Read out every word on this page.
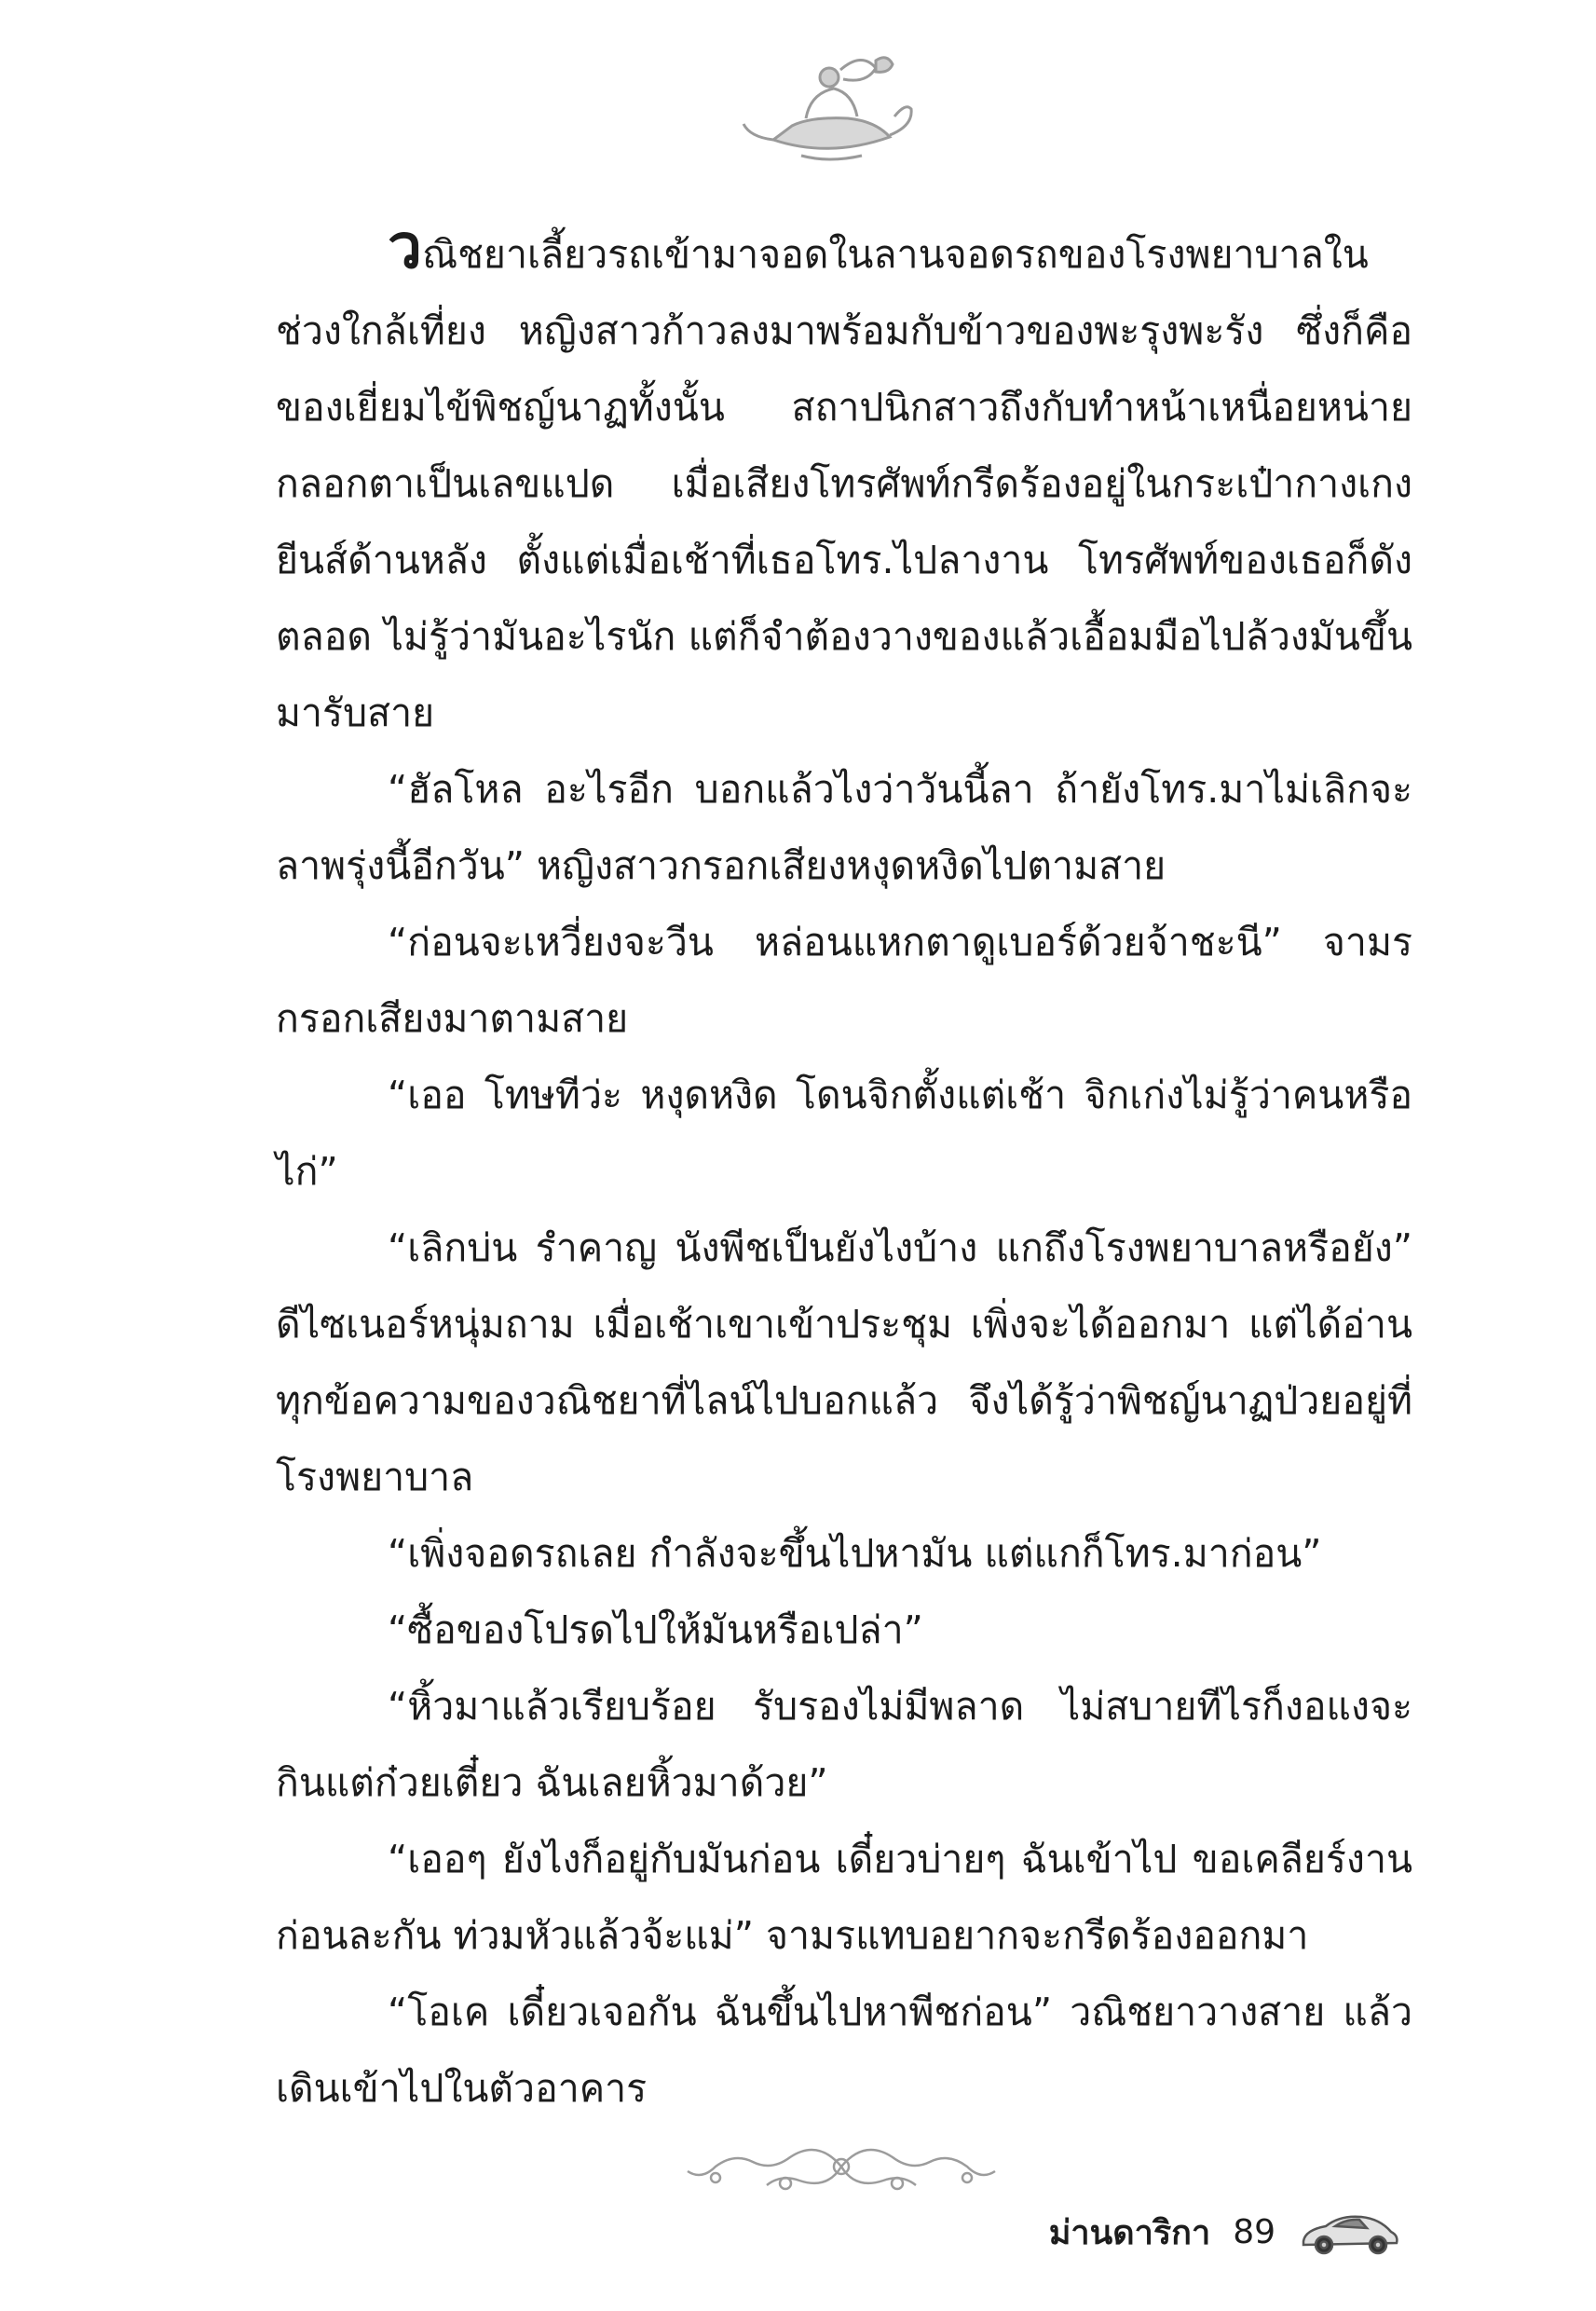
วณิชยาเลี้ยวรถเข้ามาจอดในลานจอดรถของโรงพยาบาลในช่วงใกล้เที่ยง หญิงสาวก้าวลงมาพร้อมกับข้าวของพะรุงพะรัง ซึ่งก็คือของเยี่ยมไข้พิชญ์นาฏทั้งนั้น สถาปนิกสาวถึงกับทำหน้าเหนื่อยหน่ายกลอกตาเป็นเลขแปด เมื่อเสียงโทรศัพท์กรีดร้องอยู่ในกระเป๋ากางเกงยีนส์ด้านหลัง ตั้งแต่เมื่อเช้าที่เธอโทร.ไปลางาน โทรศัพท์ของเธอก็ดังตลอด ไม่รู้ว่ามันอะไรนัก แต่ก็จำต้องวางของแล้วเอื้อมมือไปล้วงมันขึ้นมารับสาย

“ฮัลโหล อะไรอีก บอกแล้วไงว่าวันนี้ลา ถ้ายังโทร.มาไม่เลิกจะลาพรุ่งนี้อีกวัน” หญิงสาวกรอกเสียงหงุดหงิดไปตามสาย

“ก่อนจะเหวี่ยงจะวีน หล่อนแหกตาดูเบอร์ด้วยจ้าชะนี” จามรกรอกเสียงมาตามสาย

“เออ โทษทีว่ะ หงุดหงิด โดนจิกตั้งแต่เช้า จิกเก่งไม่รู้ว่าคนหรือไก่”

“เลิกบ่น รำคาญ นังพีชเป็นยังไงบ้าง แกถึงโรงพยาบาลหรือยัง” ดีไซเนอร์หนุ่มถาม เมื่อเช้าเขาเข้าประชุม เพิ่งจะได้ออกมา แต่ได้อ่านทุกข้อความของวณิชยาที่ไลน์ไปบอกแล้ว จึงได้รู้ว่าพิชญ์นาฏป่วยอยู่ที่โรงพยาบาล

“เพิ่งจอดรถเลย กำลังจะขึ้นไปหามัน แต่แกก็โทร.มาก่อน”

“ซื้อของโปรดไปให้มันหรือเปล่า”

“หิ้วมาแล้วเรียบร้อย รับรองไม่มีพลาด ไม่สบายทีไรก็งอแงจะกินแต่ก๋วยเตี๋ยว ฉันเลยหิ้วมาด้วย”

“เออๆ ยังไงก็อยู่กับมันก่อน เดี๋ยวบ่ายๆ ฉันเข้าไป ขอเคลียร์งานก่อนละกัน ท่วมหัวแล้วจ้ะแม่” จามรแทบอยากจะกรีดร้องออกมา

“โอเค เดี๋ยวเจอกัน ฉันขึ้นไปหาพีชก่อน” วณิชยาวางสาย แล้วเดินเข้าไปในตัวอาคาร

ม่านดาริกา 89
